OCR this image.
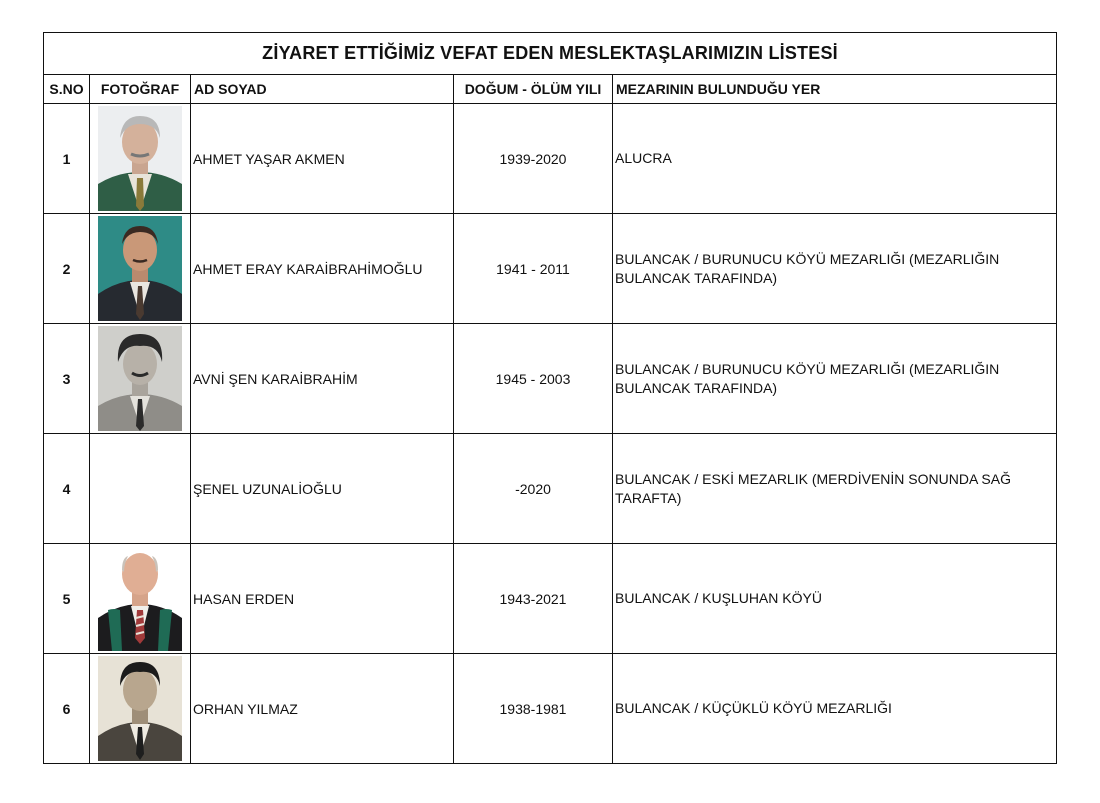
ZİYARET ETTİĞİMİZ VEFAT EDEN MESLEKTAŞLARIMIZIN LİSTESİ				
S.NO	FOTOĞRAF	AD SOYAD	DOĞUM - ÖLÜM YILI	MEZARININ BULUNDUĞU YER
1		AHMET YAŞAR AKMEN	1939-2020	ALUCRA
2		AHMET ERAY KARAİBRAHİMOĞLU	1941 - 2011	BULANCAK / BURUNUCU KÖYÜ MEZARLIĞI (MEZARLIĞIN BULANCAK TARAFINDA)
3		AVNİ ŞEN KARAİBRAHİM	1945 - 2003	BULANCAK / BURUNUCU KÖYÜ MEZARLIĞI (MEZARLIĞIN BULANCAK TARAFINDA)
4		ŞENEL UZUNALİOĞLU	-2020	BULANCAK / ESKİ MEZARLIK (MERDİVENİN SONUNDA SAĞ TARAFTA)
5		HASAN ERDEN	1943-2021	BULANCAK / KUŞLUHAN KÖYÜ
6		ORHAN YILMAZ	1938-1981	BULANCAK / KÜÇÜKLÜ KÖYÜ MEZARLIĞI
